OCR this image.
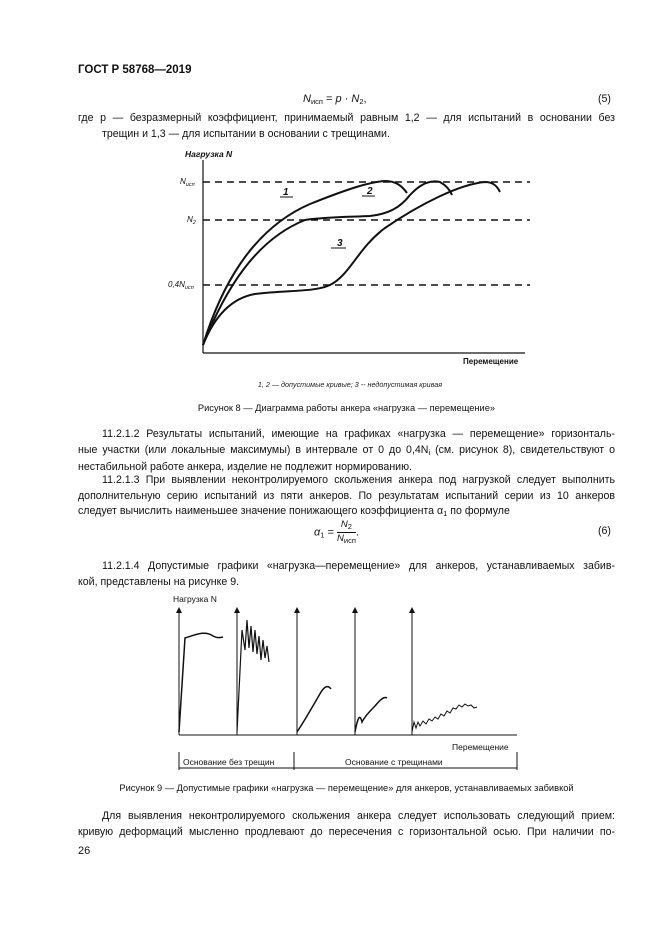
ГОСТ Р 58768—2019
$N_{исп} = p \cdot N_2$,	(5)
где p — безразмерный коэффициент, принимаемый равным 1,2 — для испытаний в основании без
трещин и 1,3 — для испытании в основании с трещинами.
Нагрузка N
Перемещение
$N_{исп}$
$N_2$
$0,4N_{исп}$
1	2
3
1, 2 — допустимые кривые; 3 -- недопустимая кривая
Рисунок 8 — Диаграмма работы анкера «нагрузка — перемещение»
11.2.1.2 Результаты испытаний, имеющие на графиках «нагрузка — перемещение» горизонталь-
ные участки (или локальные максимумы) в интервале от 0 до $0,4N_i$ (см. рисунок 8), свидетельствуют о
нестабильной работе анкера, изделие не подлежит нормированию.
11.2.1.3 При выявлении неконтролируемого скольжения анкера под нагрузкой следует выполнить
дополнительную серию испытаний из пяти анкеров. По результатам испытаний серии из 10 анкеров
следует вычислить наименьшее значение понижающего коэффициента $\alpha_1$ по формуле
$\alpha_1 = \frac{N_2}{N_{исп}}$ .	(6)
11.2.1.4 Допустимые графики «нагрузка—перемещение» для анкеров, устанавливаемых забив-
кой, представлены на рисунке 9.
Нагрузка N
Перемещение
Основание без трещин	Основание с трещинами
Рисунок 9 — Допустимые графики «нагрузка — перемещение» для анкеров, устанавливаемых забивкой
Для выявления неконтролируемого скольжения анкера следует использовать следующий прием:
кривую деформаций мысленно продлевают до пересечения с горизонтальной осью. При наличии по-
26
